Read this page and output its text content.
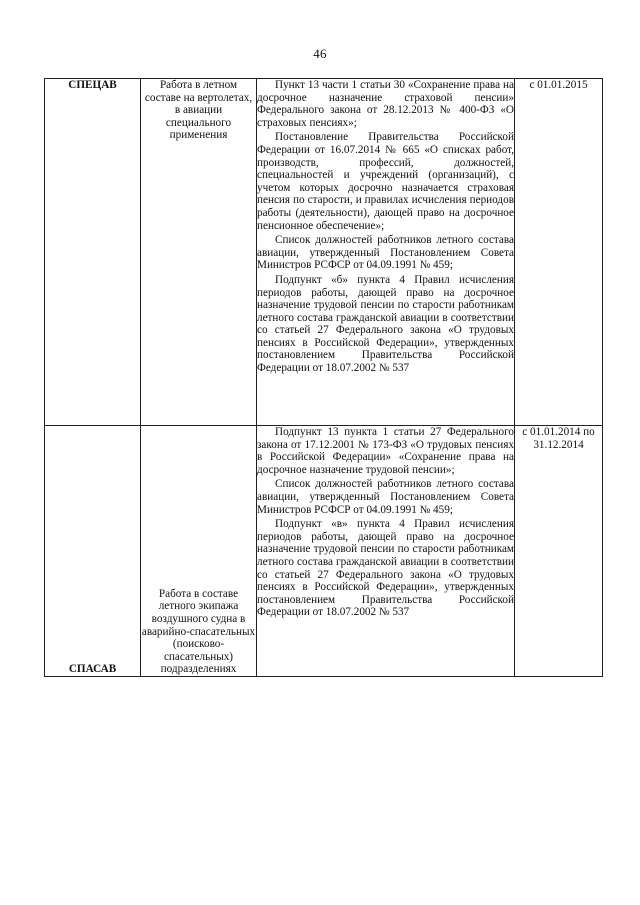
46
СПЕЦАВ	Работа в летном составе на вертолетах, в авиации специального применения	Пункт 13 части 1 статьи 30 «Сохранение права на досрочное назначение страховой пенсии» Федерального закона от 28.12.2013 № 400-ФЗ «О страховых пенсиях»;

Постановление Правительства Российской Федерации от 16.07.2014 № 665 «О списках работ, производств, профессий, должностей, специальностей и учреждений (организаций), с учетом которых досрочно назначается страховая пенсия по старости, и правилах исчисления периодов работы (деятельности), дающей право на досрочное пенсионное обеспечение»;

Список должностей работников летного состава авиации, утвержденный Постановлением Совета Министров РСФСР от 04.09.1991 № 459;

Подпункт «б» пункта 4 Правил исчисления периодов работы, дающей право на досрочное назначение трудовой пенсии по старости работникам летного состава гражданской авиации в соответствии со статьей 27 Федерального закона «О трудовых пенсиях в Российской Федерации», утвержденных постановлением Правительства Российской Федерации от 18.07.2002 № 537	с 01.01.2015
СПАСАВ	Работа в составе летного экипажа воздушного судна в аварийно-спасательных (поисково-спасательных) подразделениях	Подпункт 13 пункта 1 статьи 27 Федерального закона от 17.12.2001 № 173-ФЗ «О трудовых пенсиях в Российской Федерации» «Сохранение права на досрочное назначение трудовой пенсии»;

Список должностей работников летного состава авиации, утвержденный Постановлением Совета Министров РСФСР от 04.09.1991 № 459;

Подпункт «в» пункта 4 Правил исчисления периодов работы, дающей право на досрочное назначение трудовой пенсии по старости работникам летного состава гражданской авиации в соответствии со статьей 27 Федерального закона «О трудовых пенсиях в Российской Федерации», утвержденных постановлением Правительства Российской Федерации от 18.07.2002 № 537	с 01.01.2014 по 31.12.2014
